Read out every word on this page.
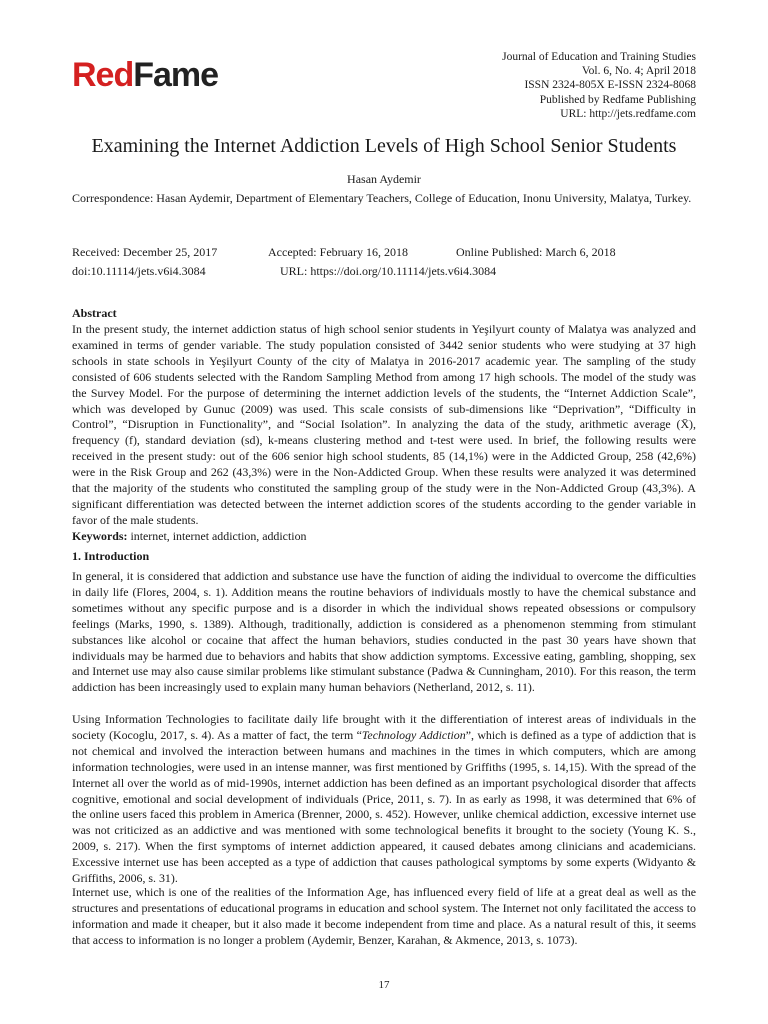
RedFame	Journal of Education and Training Studies
Vol. 6, No. 4; April 2018
ISSN 2324-805X E-ISSN 2324-8068
Published by Redfame Publishing
URL: http://jets.redfame.com
Examining the Internet Addiction Levels of High School Senior Students
Hasan Aydemir
Correspondence: Hasan Aydemir, Department of Elementary Teachers, College of Education, Inonu University, Malatya, Turkey.
Received: December 25, 2017	Accepted: February 16, 2018	Online Published: March 6, 2018
doi:10.11114/jets.v6i4.3084	URL: https://doi.org/10.11114/jets.v6i4.3084
Abstract
In the present study, the internet addiction status of high school senior students in Yeşilyurt county of Malatya was analyzed and examined in terms of gender variable. The study population consisted of 3442 senior students who were studying at 37 high schools in state schools in Yeşilyurt County of the city of Malatya in 2016-2017 academic year. The sampling of the study consisted of 606 students selected with the Random Sampling Method from among 17 high schools. The model of the study was the Survey Model. For the purpose of determining the internet addiction levels of the students, the “Internet Addiction Scale”, which was developed by Gunuc (2009) was used. This scale consists of sub-dimensions like “Deprivation”, “Difficulty in Control”, “Disruption in Functionality”, and “Social Isolation”. In analyzing the data of the study, arithmetic average (X̄), frequency (f), standard deviation (sd), k-means clustering method and t-test were used. In brief, the following results were received in the present study: out of the 606 senior high school students, 85 (14,1%) were in the Addicted Group, 258 (42,6%) were in the Risk Group and 262 (43,3%) were in the Non-Addicted Group. When these results were analyzed it was determined that the majority of the students who constituted the sampling group of the study were in the Non-Addicted Group (43,3%). A significant differentiation was detected between the internet addiction scores of the students according to the gender variable in favor of the male students.
Keywords: internet, internet addiction, addiction
1. Introduction
In general, it is considered that addiction and substance use have the function of aiding the individual to overcome the difficulties in daily life (Flores, 2004, s. 1). Addition means the routine behaviors of individuals mostly to have the chemical substance and sometimes without any specific purpose and is a disorder in which the individual shows repeated obsessions or compulsory feelings (Marks, 1990, s. 1389). Although, traditionally, addiction is considered as a phenomenon stemming from stimulant substances like alcohol or cocaine that affect the human behaviors, studies conducted in the past 30 years have shown that individuals may be harmed due to behaviors and habits that show addiction symptoms. Excessive eating, gambling, shopping, sex and Internet use may also cause similar problems like stimulant substance (Padwa & Cunningham, 2010). For this reason, the term addiction has been increasingly used to explain many human behaviors (Netherland, 2012, s. 11).
Using Information Technologies to facilitate daily life brought with it the differentiation of interest areas of individuals in the society (Kocoglu, 2017, s. 4). As a matter of fact, the term “Technology Addiction”, which is defined as a type of addiction that is not chemical and involved the interaction between humans and machines in the times in which computers, which are among information technologies, were used in an intense manner, was first mentioned by Griffiths (1995, s. 14,15). With the spread of the Internet all over the world as of mid-1990s, internet addiction has been defined as an important psychological disorder that affects cognitive, emotional and social development of individuals (Price, 2011, s. 7). In as early as 1998, it was determined that 6% of the online users faced this problem in America (Brenner, 2000, s. 452). However, unlike chemical addiction, excessive internet use was not criticized as an addictive and was mentioned with some technological benefits it brought to the society (Young K. S., 2009, s. 217). When the first symptoms of internet addiction appeared, it caused debates among clinicians and academicians. Excessive internet use has been accepted as a type of addiction that causes pathological symptoms by some experts (Widyanto & Griffiths, 2006, s. 31).
Internet use, which is one of the realities of the Information Age, has influenced every field of life at a great deal as well as the structures and presentations of educational programs in education and school system. The Internet not only facilitated the access to information and made it cheaper, but it also made it become independent from time and place. As a natural result of this, it seems that access to information is no longer a problem (Aydemir, Benzer, Karahan, & Akmence, 2013, s. 1073).
17
